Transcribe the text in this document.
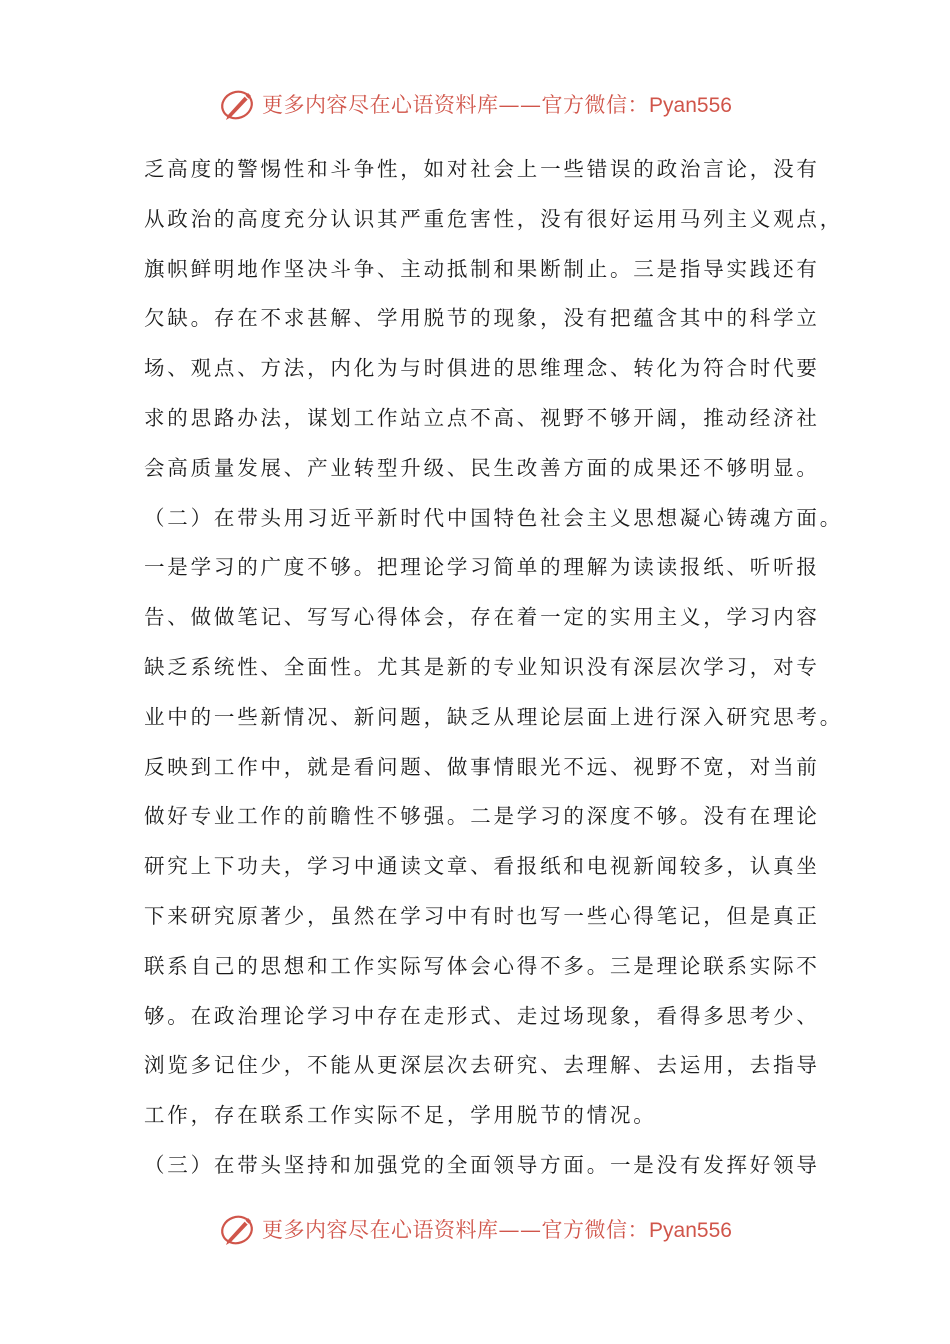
更多内容尽在心语资料库——官方微信：Pyan556
乏高度的警惕性和斗争性，如对社会上一些错误的政治言论，没有
从政治的高度充分认识其严重危害性，没有很好运用马列主义观点，
旗帜鲜明地作坚决斗争、主动抵制和果断制止。三是指导实践还有
欠缺。存在不求甚解、学用脱节的现象，没有把蕴含其中的科学立
场、观点、方法，内化为与时俱进的思维理念、转化为符合时代要
求的思路办法，谋划工作站立点不高、视野不够开阔，推动经济社
会高质量发展、产业转型升级、民生改善方面的成果还不够明显。
（二）在带头用习近平新时代中国特色社会主义思想凝心铸魂方面。
一是学习的广度不够。把理论学习简单的理解为读读报纸、听听报
告、做做笔记、写写心得体会，存在着一定的实用主义，学习内容
缺乏系统性、全面性。尤其是新的专业知识没有深层次学习，对专
业中的一些新情况、新问题，缺乏从理论层面上进行深入研究思考。
反映到工作中，就是看问题、做事情眼光不远、视野不宽，对当前
做好专业工作的前瞻性不够强。二是学习的深度不够。没有在理论
研究上下功夫，学习中通读文章、看报纸和电视新闻较多，认真坐
下来研究原著少，虽然在学习中有时也写一些心得笔记，但是真正
联系自己的思想和工作实际写体会心得不多。三是理论联系实际不
够。在政治理论学习中存在走形式、走过场现象，看得多思考少、
浏览多记住少，不能从更深层次去研究、去理解、去运用，去指导
工作，存在联系工作实际不足，学用脱节的情况。
（三）在带头坚持和加强党的全面领导方面。一是没有发挥好领导
更多内容尽在心语资料库——官方微信：Pyan556
